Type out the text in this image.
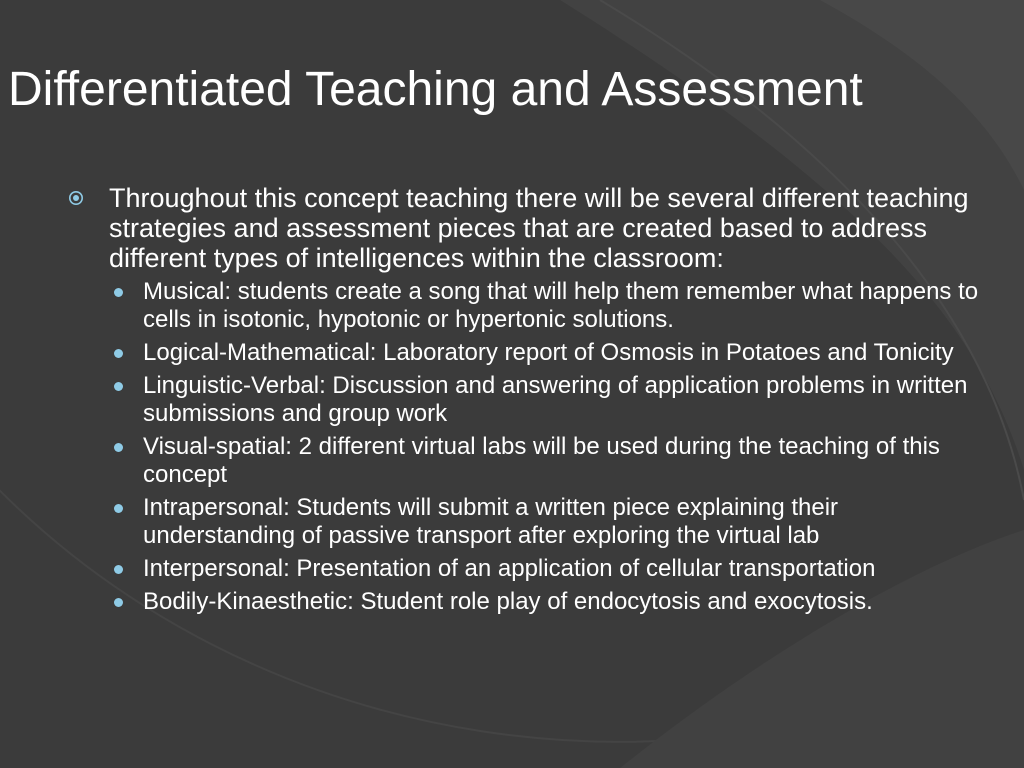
Differentiated Teaching and Assessment

Throughout this concept teaching there will be several different teaching strategies and assessment pieces that are created based to address different types of intelligences within the classroom:

Musical: students create a song that will help them remember what happens to cells in isotonic, hypotonic or hypertonic solutions.
Logical-Mathematical: Laboratory report of Osmosis in Potatoes and Tonicity
Linguistic-Verbal: Discussion and answering of application problems in written submissions and group work
Visual-spatial: 2 different virtual labs will be used during the teaching of this concept
Intrapersonal: Students will submit a written piece explaining their understanding of passive transport after exploring the virtual lab
Interpersonal: Presentation of an application of cellular transportation
Bodily-Kinaesthetic: Student role play of endocytosis and exocytosis.
